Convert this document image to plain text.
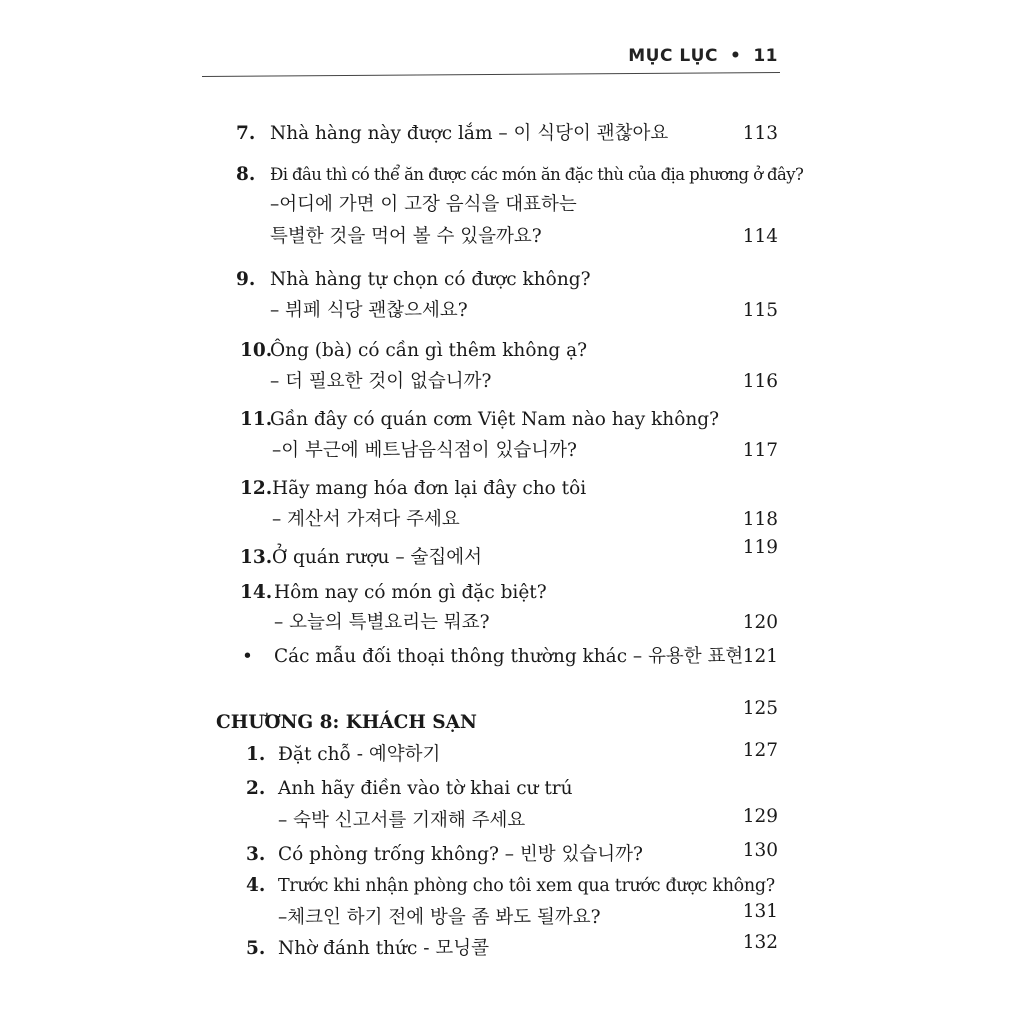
MỤC LỤC • 11
7. Nhà hàng này được lắm – 이 식당이 괜찮아요	113
8. Đi đâu thì có thể ăn được các món ăn đặc thù của địa phương ở đây?
–어디에 가면 이 고장 음식을 대표하는
특별한 것을 먹어 볼 수 있을까요?	114
9. Nhà hàng tự chọn có được không?
– 뷔페 식당 괜찮으세요?	115
10.
Ông (bà) có cần gì thêm không ạ?
– 더 필요한 것이 없습니까?	116
11.
Gần đây có quán cơm Việt Nam nào hay không?
–이 부근에 베트남음식점이 있습니까?	117
12. Hãy mang hóa đơn lại đây cho tôi
– 계산서 가져다 주세요	118
13. Ở quán rượu – 술집에서	119
14. Hôm nay có món gì đặc biệt?
– 오늘의 특별요리는 뭐죠?	120
•	Các mẫu đối thoại thông thường khác – 유용한 표현 121
CHƯƠNG 8: KHÁCH SẠN
125
1. Đặt chỗ - 예약하기	127
2. Anh hãy điền vào tờ khai cư trú
– 숙박 신고서를 기재해 주세요	129
3. Có phòng trống không? – 빈방 있습니까?	130
4. Trước khi nhận phòng cho tôi xem qua trước được không?
–체크인 하기 전에 방을 좀 봐도 될까요?	131
5. Nhờ đánh thức - 모닝콜	132
